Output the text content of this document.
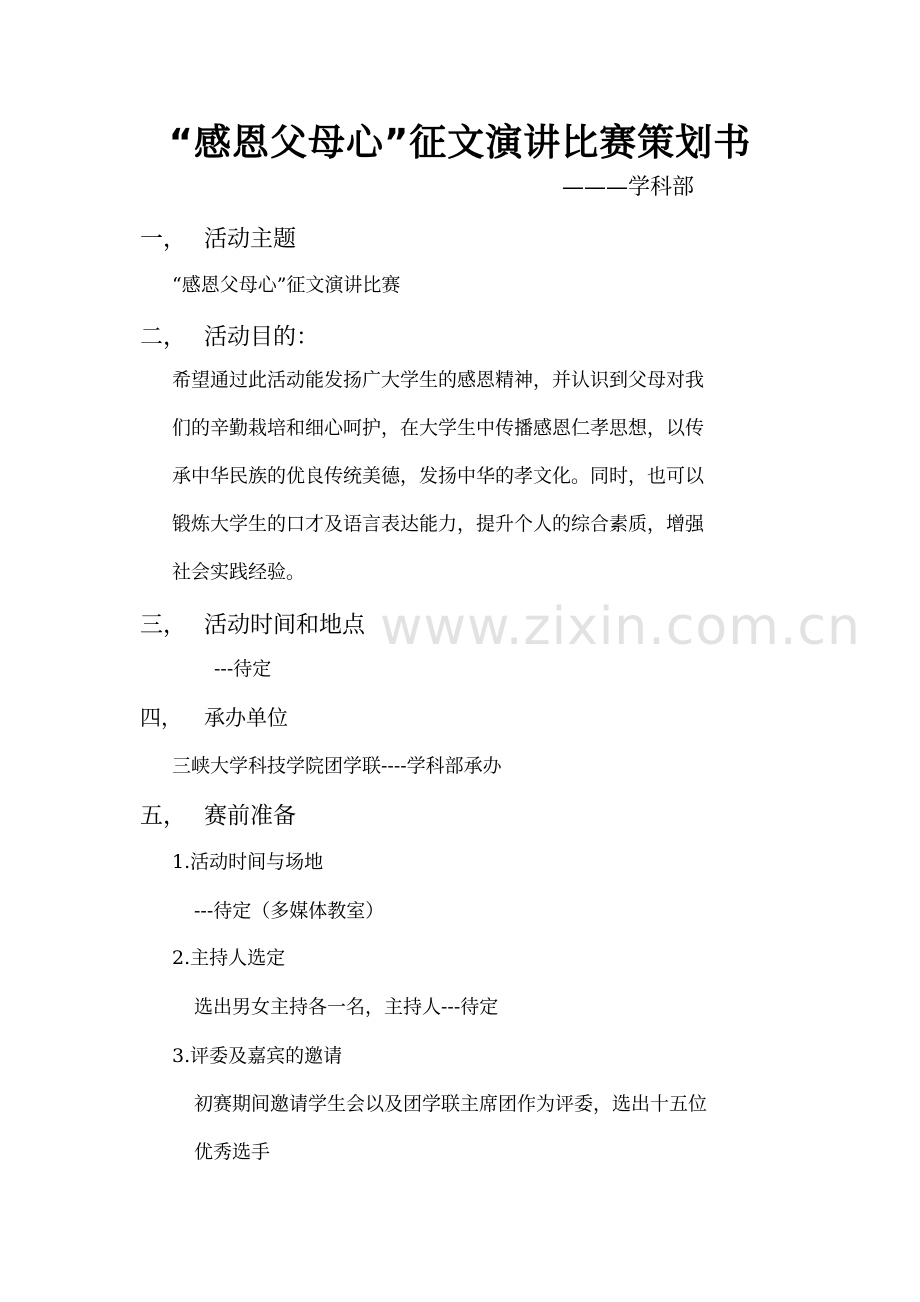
“感恩父母心”征文演讲比赛策划书
———学科部
一， 活动主题
“感恩父母心”征文演讲比赛
二， 活动目的：
希望通过此活动能发扬广大学生的感恩精神，并认识到父母对我
们的辛勤栽培和细心呵护，在大学生中传播感恩仁孝思想，以传
承中华民族的优良传统美德，发扬中华的孝文化。同时，也可以
锻炼大学生的口才及语言表达能力，提升个人的综合素质，增强
社会实践经验。
三， 活动时间和地点
---待定
四， 承办单位
三峡大学科技学院团学联----学科部承办
五， 赛前准备
1.活动时间与场地
---待定（多媒体教室）
2.主持人选定
选出男女主持各一名，主持人---待定
3.评委及嘉宾的邀请
初赛期间邀请学生会以及团学联主席团作为评委，选出十五位
优秀选手
www.zixin.com.cn
